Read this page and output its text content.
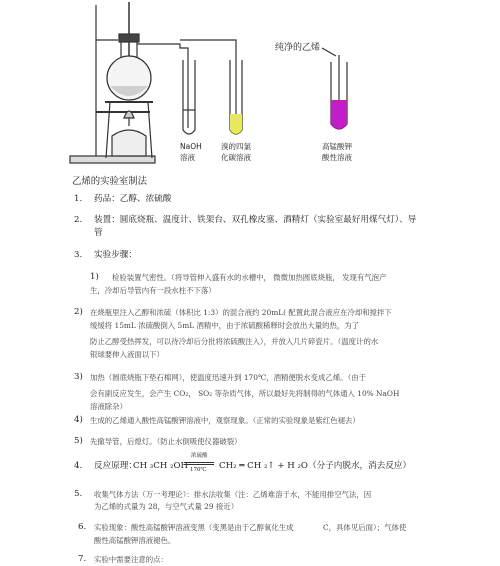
纯净的乙烯
NaOH
溶液
溴的四氯
化碳溶液
高锰酸钾
酸性溶液
乙烯的实验室制法
1. 药品：乙醇、浓硫酸
2. 装置：圆底烧瓶、温度计、铁架台、双孔橡皮塞、酒精灯（实验室最好用煤气灯）、导
管
3. 实验步骤：
1) 检验装置气密性。（将导管伸入盛有水的水槽中， 微微加热圆底烧瓶， 发现有气泡产
生，冷却后导管内有一段水柱不下落）
2) 在烧瓶里注入乙醇和浓硫（体积比 1:3）的混合液约 20mL( 配置此混合液应在冷却和搅拌下
缓缓将 15mL 浓硫酸倒入 5mL 酒精中，由于浓硫酸稀释时会放出大量的热，为了
防止乙醇受热挥发，可以待冷却后分批将浓硫酸注入），并放入几片碎瓷片。（温度计的水
银球要伸入液面以下）
3) 加热（圆底烧瓶下垫石棉网），使温度迅速升到 170℃，酒精便脱水变成乙烯。（由于
会有副反应发生，会产生 CO₂， SO₂ 等杂质气体，所以最好先将制得的气体通入 10% NaOH
溶液除杂）
4) 生成的乙烯通入酸性高锰酸钾溶液中，观察现象。（正常的实验现象是紫红色褪去）
5) 先撤导管，后熄灯。（防止水倒吸使仪器破裂）
4. 反应原理：
CH ₃CH ₂OH
浓硫酸
170℃ CH₂ ═ CH ₂↑ + H ₂O（分子内脱水，消去反应）
5. 收集气体方法（万一考理论）：排水法收集（注：乙烯难溶于水，不能用排空气法，因
为乙烯的式量为 28，与空气式量 29 接近）
6. 实验现象：酸性高锰酸钾溶液变黑（变黑是由于乙醇氧化生成	C，具体见后面）；气体使
酸性高锰酸钾溶液褪色。
7. 实验中需要注意的点：
